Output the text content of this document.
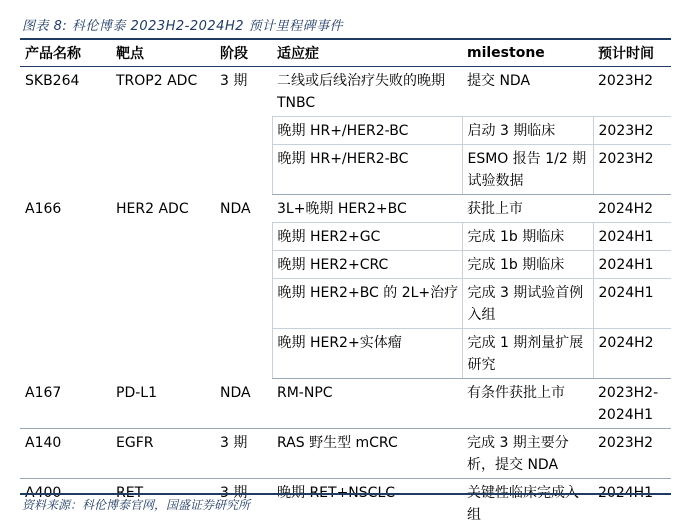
图表 8: 科伦博泰 2023H2-2024H2 预计里程碑事件
产品名称	靶点	阶段	适应症	milestone	预计时间
SKB264	TROP2 ADC	3 期	二线或后线治疗失败的晚期 TNBC	提交 NDA	2023H2
			晚期 HR+/HER2-BC	启动 3 期临床	2023H2
			晚期 HR+/HER2-BC	ESMO 报告 1/2 期试验数据	2023H2
A166	HER2 ADC	NDA	3L+晚期 HER2+BC	获批上市	2024H2
			晚期 HER2+GC	完成 1b 期临床	2024H1
			晚期 HER2+CRC	完成 1b 期临床	2024H1
			晚期 HER2+BC 的 2L+治疗	完成 3 期试验首例入组	2024H1
			晚期 HER2+实体瘤	完成 1 期剂量扩展研究	2024H2
A167	PD-L1	NDA	RM-NPC	有条件获批上市	2023H2-2024H1
A140	EGFR	3 期	RAS 野生型 mCRC	完成 3 期主要分析，提交 NDA	2023H2
A400	RET	3 期	晚期 RET+NSCLC	关键性临床完成入组	2024H1
资料来源：科伦博泰官网，国盛证券研究所
